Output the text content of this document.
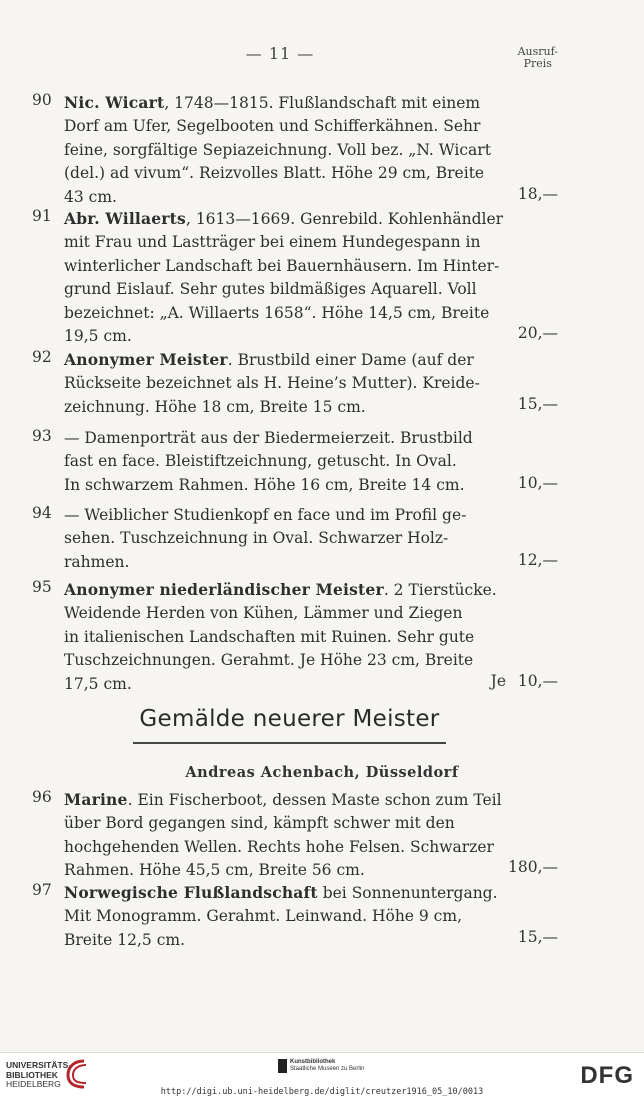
— 11 —	Ausruf-
Preis
90 Nic. Wicart, 1748—1815. Flußlandschaft mit einem
Dorf am Ufer, Segelbooten und Schifferkähnen. Sehr
feine, sorgfältige Sepiazeichnung. Voll bez. „N. Wicart
(del.) ad vivum“. Reizvolles Blatt. Höhe 29 cm, Breite
43 cm.	18,—
91 Abr. Willaerts, 1613—1669. Genrebild. Kohlenhändler
mit Frau und Lastträger bei einem Hundegespann in
winterlicher Landschaft bei Bauernhäusern. Im Hinter-
grund Eislauf. Sehr gutes bildmäßiges Aquarell. Voll
bezeichnet: „A. Willaerts 1658“. Höhe 14,5 cm, Breite
19,5 cm.	20,—
92 Anonymer Meister. Brustbild einer Dame (auf der
Rückseite bezeichnet als H. Heine’s Mutter). Kreide-
zeichnung. Höhe 18 cm, Breite 15 cm.	15,—
93 — Damenporträt aus der Biedermeierzeit. Brustbild
fast en face. Bleistiftzeichnung, getuscht. In Oval.
In schwarzem Rahmen. Höhe 16 cm, Breite 14 cm.	10,—
94 — Weiblicher Studienkopf en face und im Profil ge-
sehen. Tuschzeichnung in Oval. Schwarzer Holz-
rahmen.	12,—
95 Anonymer niederländischer Meister. 2 Tierstücke.
Weidende Herden von Kühen, Lämmer und Ziegen
in italienischen Landschaften mit Ruinen. Sehr gute
Tuschzeichnungen. Gerahmt. Je Höhe 23 cm, Breite
17,5 cm.	Je 10,—
Gemälde neuerer Meister
Andreas Achenbach, Düsseldorf
96 Marine. Ein Fischerboot, dessen Maste schon zum Teil
über Bord gegangen sind, kämpft schwer mit den
hochgehenden Wellen. Rechts hohe Felsen. Schwarzer
Rahmen. Höhe 45,5 cm, Breite 56 cm.	180,—
97 Norwegische Flußlandschaft bei Sonnenuntergang.
Mit Monogramm. Gerahmt. Leinwand. Höhe 9 cm,
Breite 12,5 cm.	15,—
UNIVERSITÄTS-
BIBLIOTHEK
HEIDELBERG
Kunstbibliothek
Staatliche Museen zu Berlin
http://digi.ub.uni-heidelberg.de/diglit/creutzer1916_05_10/0013
DFG
